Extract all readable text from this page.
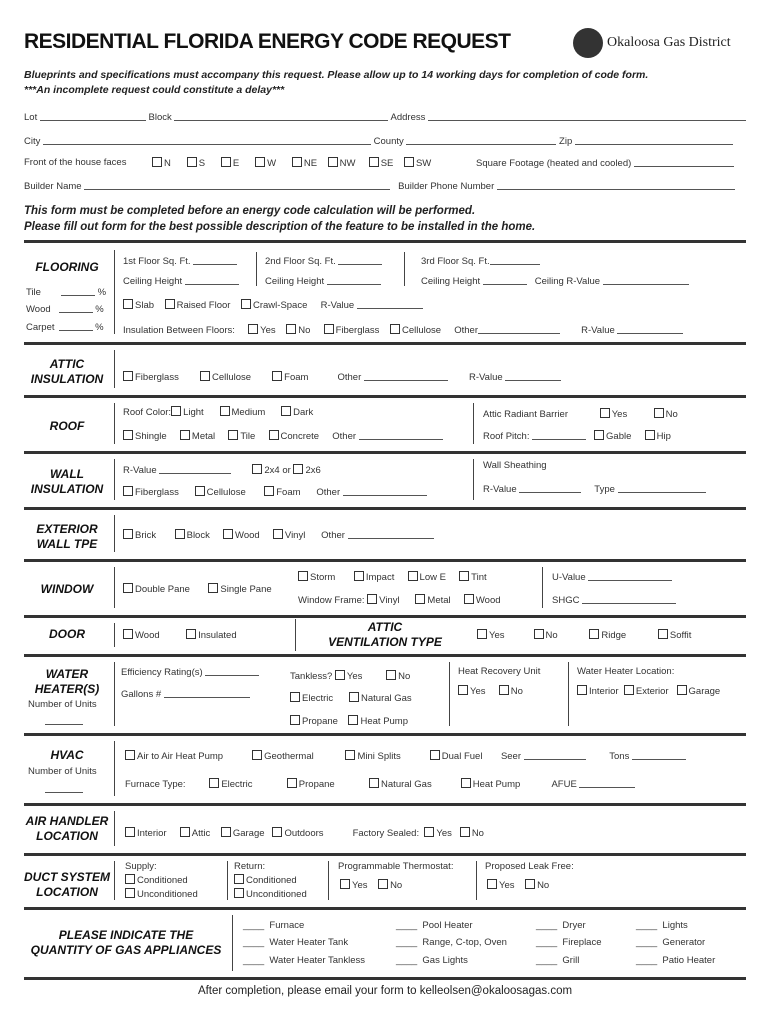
RESIDENTIAL FLORIDA ENERGY CODE REQUEST	Okaloosa Gas District
Blueprints and specifications must accompany this request. Please allow up to 14 working days for completion of code form.
***An incomplete request could constitute a delay***
Lot	Block	Address
City	County	Zip
Front of the house faces	N	S	E	W	NE NW	SE SW	Square Footage (heated and cooled)
Builder Name	Builder Phone Number
This form must be completed before an energy code calculation will be performed.
Please fill out form for the best possible description of the feature to be installed in the home.
FLOORING
Tile	%
Wood	%
Carpet	%
1st Floor Sq. Ft.	2nd Floor Sq. Ft.	3rd Floor Sq. Ft.
Ceiling Height	Ceiling Height	Ceiling Height	Ceiling R-Value
Slab Raised Floor Crawl-Space R-Value
Insulation Between Floors:	Yes No	Fiberglass Cellulose Other	R-Value
ATTIC
INSULATION	Fiberglass	Cellulose	Foam	Other	R-Value
ROOF
Roof Color: Light	Medium	Dark
Shingle	Metal	Tile	Concrete Other
Attic Radiant Barrier	Yes	No
Roof Pitch:	Gable	Hip
WALL
INSULATION
R-Value	2x4 or 2x6
Fiberglass	Cellulose	Foam Other
Wall Sheathing
R-Value	Type
EXTERIOR
WALL TPE
Brick	Block	Wood	Vinyl Other
WINDOW	Double Pane	Single Pane
Storm	Impact	Low E	Tint
Window Frame: Vinyl	Metal	Wood
U-Value
SHGC
DOOR	Wood	Insulated
ATTIC
VENTILATION TYPE	Yes	No	Ridge	Soffit
WATER
HEATER(S)
Number of Units
Efficiency Rating(s)
Gallons #
Tankless? Yes	No
Electric	Natural Gas
Propane Heat Pump
Heat Recovery Unit
Yes	No
Water Heater Location:
Interior Exterior Garage
HVAC
Number of Units
Air to Air Heat Pump	Geothermal	Mini Splits	Dual Fuel Seer	Tons
Furnace Type:	Electric	Propane	Natural Gas	Heat Pump	AFUE
AIR HANDLER
LOCATION	Interior	Attic Garage Outdoors	Factory Sealed: Yes No
DUCT SYSTEM
LOCATION
Supply:
Conditioned
Unconditioned
Return:
Conditioned
Unconditioned
Programmable Thermostat:
Yes No
Proposed Leak Free:
Yes No
PLEASE INDICATE THE
QUANTITY OF GAS APPLIANCES
____ Furnace
____ Water Heater Tank
____ Water Heater Tankless
____ Pool Heater
____ Range, C-top, Oven
____ Gas Lights
____ Dryer
____ Fireplace
____ Grill
____ Lights
____ Generator
____ Patio Heater
After completion, please email your form to kelleolsen@okaloosagas.com
